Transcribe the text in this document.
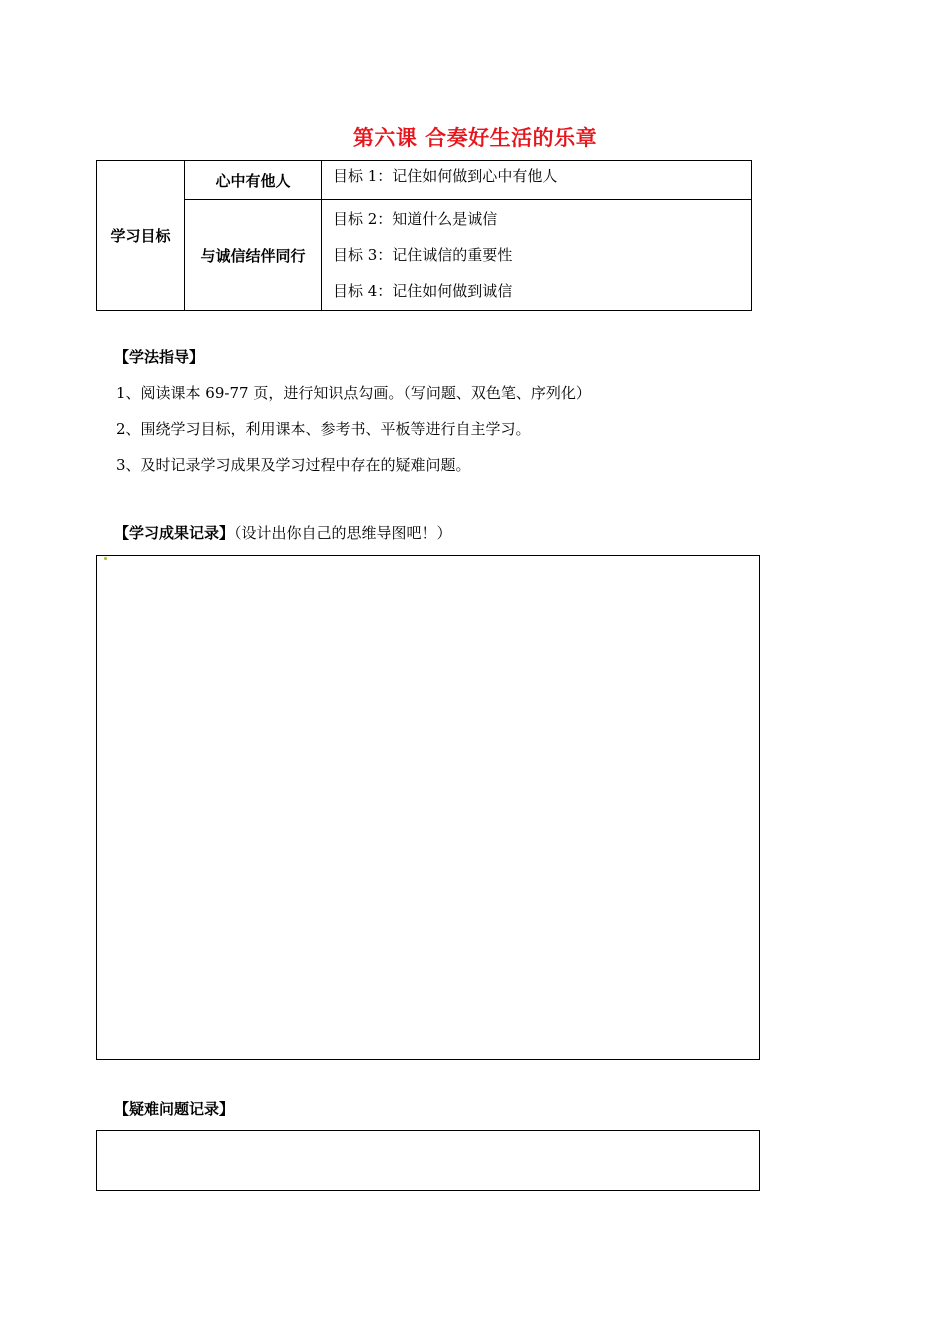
第六课 合奏好生活的乐章
学习目标	心中有他人	目标 1：记住如何做到心中有他人

	与诚信结伴同行	目标 2：知道什么是诚信
目标 3：记住诚信的重要性
目标 4：记住如何做到诚信
【学法指导】
1、阅读课本 69-77 页，进行知识点勾画。（写问题、双色笔、序列化）
2、围绕学习目标，利用课本、参考书、平板等进行自主学习。
3、及时记录学习成果及学习过程中存在的疑难问题。
【学习成果记录】（设计出你自己的思维导图吧！）
【疑难问题记录】
